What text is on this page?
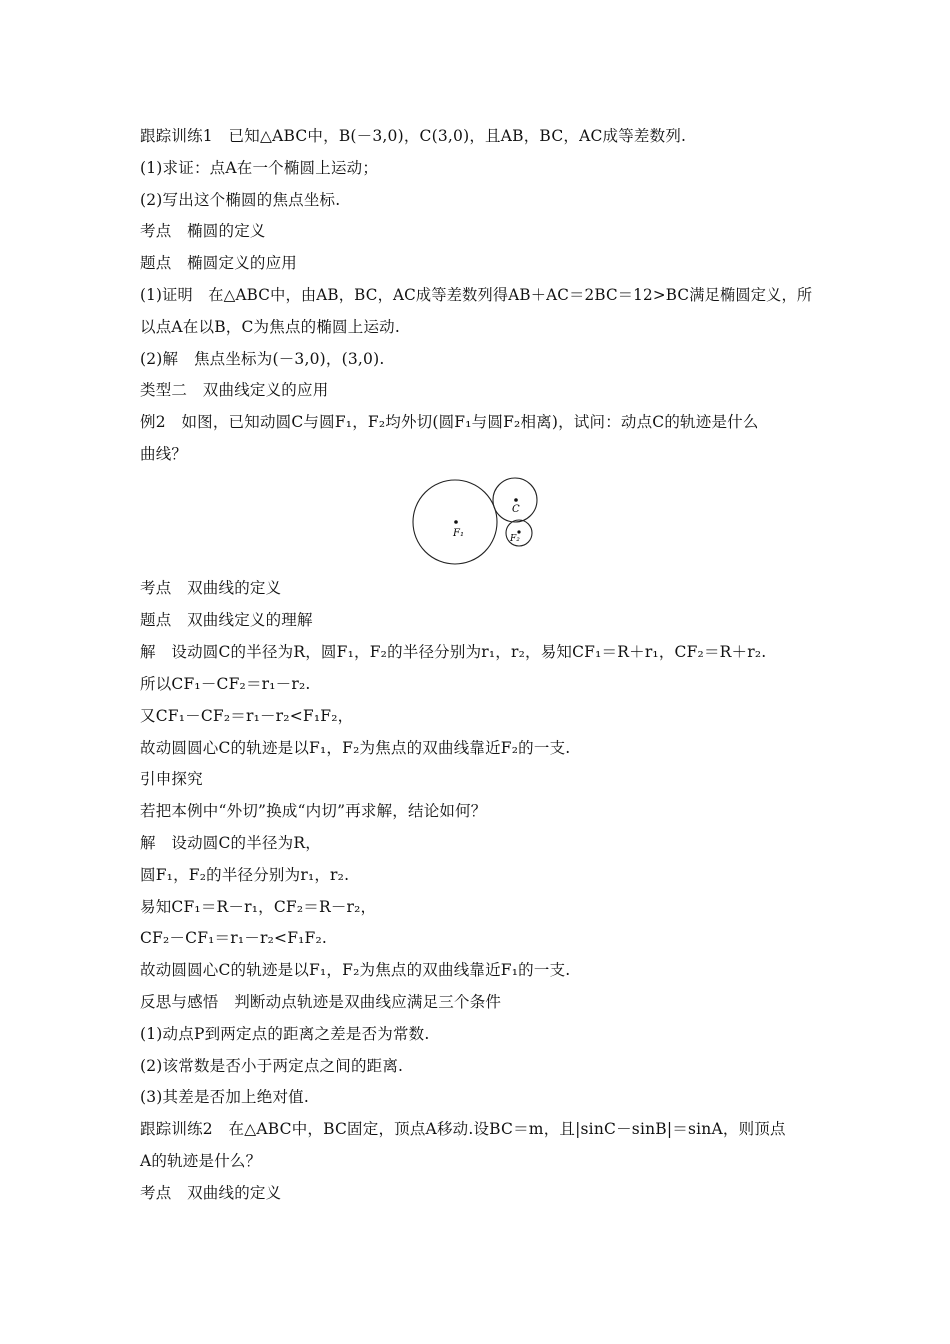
跟踪训练1　已知△ABC中，B(－3,0)，C(3,0)，且AB，BC，AC成等差数列.
(1)求证：点A在一个椭圆上运动；
(2)写出这个椭圆的焦点坐标.
考点　椭圆的定义
题点　椭圆定义的应用
(1)证明　在△ABC中，由AB，BC，AC成等差数列得AB＋AC＝2BC＝12>BC满足椭圆定义，所
以点A在以B，C为焦点的椭圆上运动.
(2)解　焦点坐标为(－3,0)，(3,0).
类型二　双曲线定义的应用
例2　如图，已知动圆C与圆F₁，F₂均外切(圆F₁与圆F₂相离)，试问：动点C的轨迹是什么
曲线？
F₁
C
F₂
考点　双曲线的定义
题点　双曲线定义的理解
解　设动圆C的半径为R，圆F₁，F₂的半径分别为r₁，r₂，易知CF₁＝R＋r₁，CF₂＝R＋r₂.
所以CF₁－CF₂＝r₁－r₂.
又CF₁－CF₂＝r₁－r₂<F₁F₂，
故动圆圆心C的轨迹是以F₁，F₂为焦点的双曲线靠近F₂的一支.
引申探究
若把本例中“外切”换成“内切”再求解，结论如何？
解　设动圆C的半径为R，
圆F₁，F₂的半径分别为r₁，r₂.
易知CF₁＝R－r₁，CF₂＝R－r₂，
CF₂－CF₁＝r₁－r₂<F₁F₂.
故动圆圆心C的轨迹是以F₁，F₂为焦点的双曲线靠近F₁的一支.
反思与感悟　判断动点轨迹是双曲线应满足三个条件
(1)动点P到两定点的距离之差是否为常数.
(2)该常数是否小于两定点之间的距离.
(3)其差是否加上绝对值.
跟踪训练2　在△ABC中，BC固定，顶点A移动.设BC＝m，且|sinC－sinB|＝sinA，则顶点
A的轨迹是什么？
考点　双曲线的定义
